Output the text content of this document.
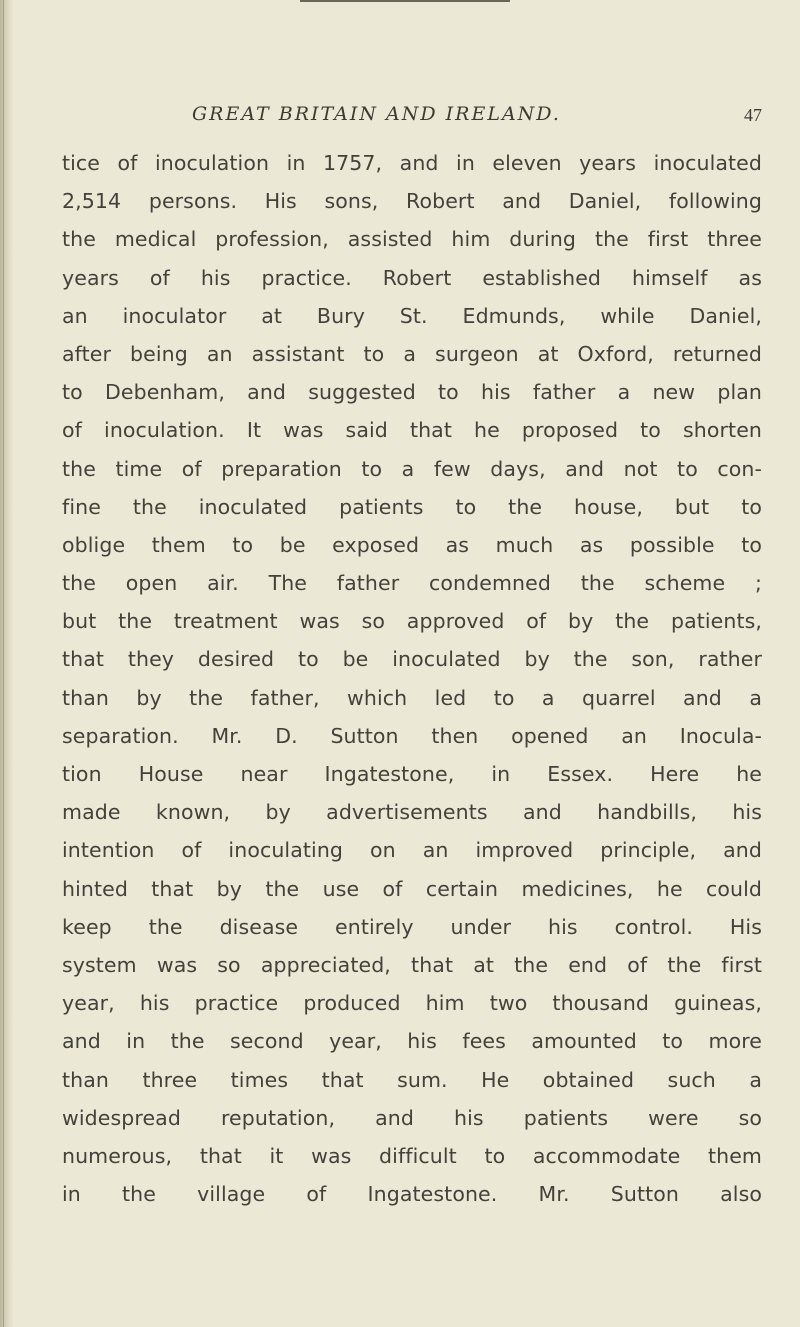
GREAT BRITAIN AND IRELAND.	47
tice of inoculation in 1757, and in eleven years inoculated
2,514 persons. His sons, Robert and Daniel, following
the medical profession, assisted him during the first three
years of his practice. Robert established himself as
an inoculator at Bury St. Edmunds, while Daniel,
after being an assistant to a surgeon at Oxford, returned
to Debenham, and suggested to his father a new plan
of inoculation. It was said that he proposed to shorten
the time of preparation to a few days, and not to con-
fine the inoculated patients to the house, but to
oblige them to be exposed as much as possible to
the open air. The father condemned the scheme ;
but the treatment was so approved of by the patients,
that they desired to be inoculated by the son, rather
than by the father, which led to a quarrel and a
separation. Mr. D. Sutton then opened an Inocula-
tion House near Ingatestone, in Essex. Here he
made known, by advertisements and handbills, his
intention of inoculating on an improved principle, and
hinted that by the use of certain medicines, he could
keep the disease entirely under his control. His
system was so appreciated, that at the end of the first
year, his practice produced him two thousand guineas,
and in the second year, his fees amounted to more
than three times that sum. He obtained such a
widespread reputation, and his patients were so
numerous, that it was difficult to accommodate them
in the village of Ingatestone. Mr. Sutton also
